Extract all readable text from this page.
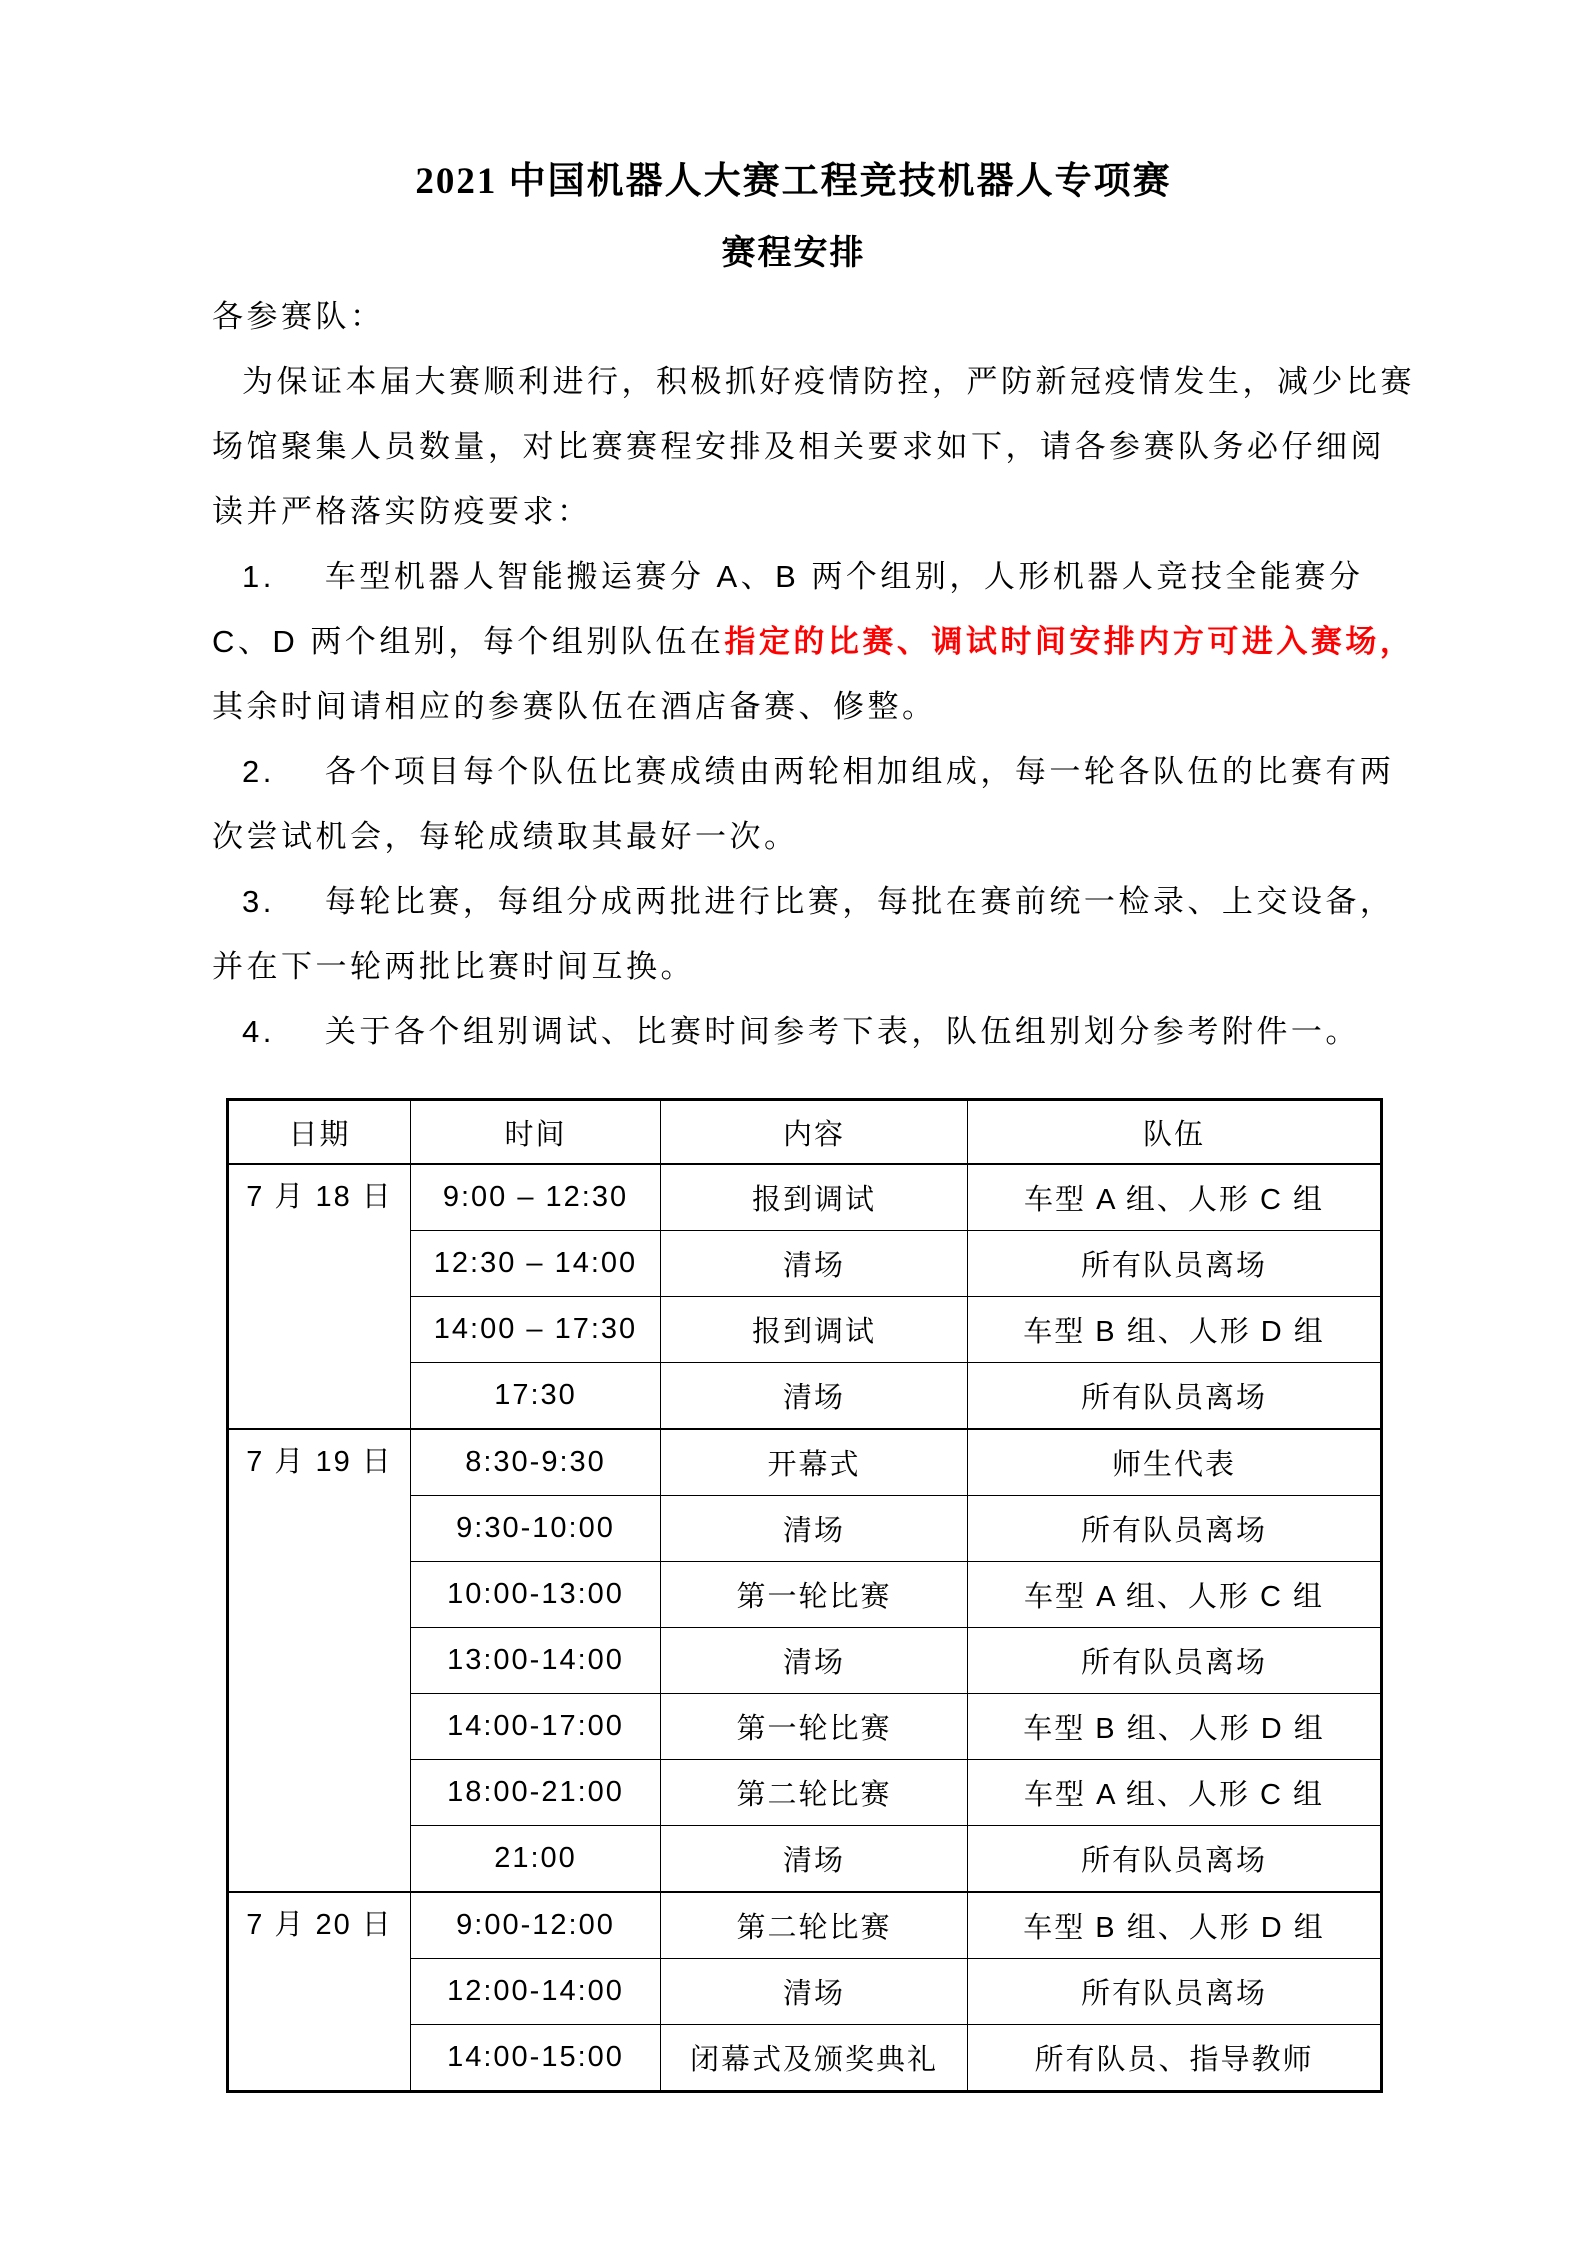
2021 中国机器人大赛工程竞技机器人专项赛
赛程安排

各参赛队：

为保证本届大赛顺利进行，积极抓好疫情防控，严防新冠疫情发生，减少比赛场馆聚集人员数量，对比赛赛程安排及相关要求如下，请各参赛队务必仔细阅读并严格落实防疫要求：

1. 车型机器人智能搬运赛分 A、B 两个组别，人形机器人竞技全能赛分 C、D 两个组别，每个组别队伍在指定的比赛、调试时间安排内方可进入赛场，其余时间请相应的参赛队伍在酒店备赛、修整。

2. 各个项目每个队伍比赛成绩由两轮相加组成，每一轮各队伍的比赛有两次尝试机会，每轮成绩取其最好一次。

3. 每轮比赛，每组分成两批进行比赛，每批在赛前统一检录、上交设备，并在下一轮两批比赛时间互换。

4. 关于各个组别调试、比赛时间参考下表，队伍组别划分参考附件一。

日期	时间	内容	队伍

7 月 18 日	9:00 – 12:30	报到调试	车型 A 组、人形 C 组
	12:30 – 14:00	清场	所有队员离场
	14:00 – 17:30	报到调试	车型 B 组、人形 D 组
	17:30	清场	所有队员离场

7 月 19 日	8:30-9:30	开幕式	师生代表
	9:30-10:00	清场	所有队员离场
	10:00-13:00	第一轮比赛	车型 A 组、人形 C 组
	13:00-14:00	清场	所有队员离场
	14:00-17:00	第一轮比赛	车型 B 组、人形 D 组
	18:00-21:00	第二轮比赛	车型 A 组、人形 C 组
	21:00	清场	所有队员离场

7 月 20 日	9:00-12:00	第二轮比赛	车型 B 组、人形 D 组
	12:00-14:00	清场	所有队员离场
	14:00-15:00	闭幕式及颁奖典礼	所有队员、指导教师
